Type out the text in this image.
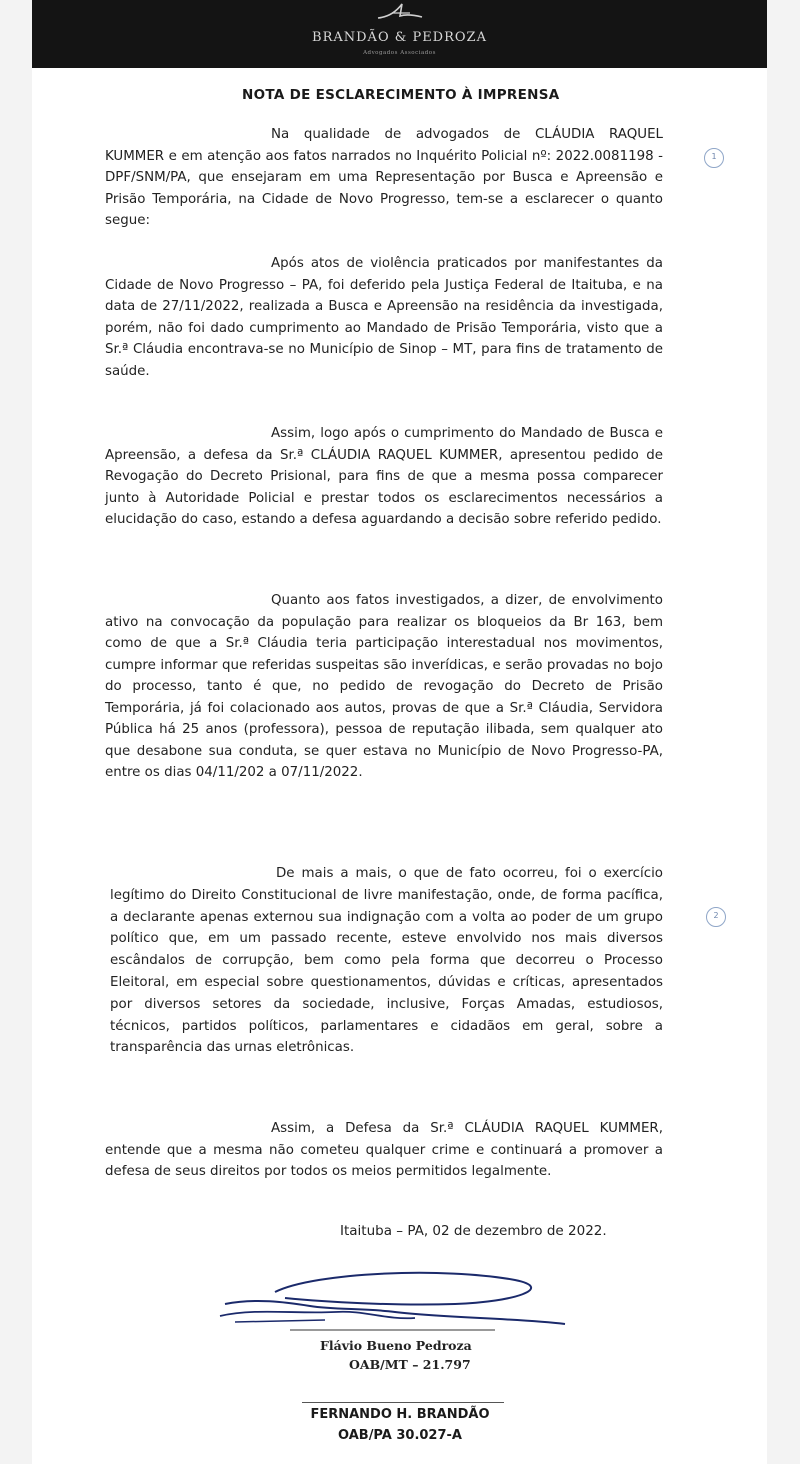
BRANDÃO & PEDROZA
Advogados Associados
NOTA DE ESCLARECIMENTO À IMPRENSA
Na qualidade de advogados de CLÁUDIA RAQUEL KUMMER e em atenção aos fatos narrados no Inquérito Policial nº: 2022.0081198 - DPF/SNM/PA, que ensejaram em uma Representação por Busca e Apreensão e Prisão Temporária, na Cidade de Novo Progresso, tem-se a esclarecer o quanto segue:
Após atos de violência praticados por manifestantes da Cidade de Novo Progresso – PA, foi deferido pela Justiça Federal de Itaituba, e na data de 27/11/2022, realizada a Busca e Apreensão na residência da investigada, porém, não foi dado cumprimento ao Mandado de Prisão Temporária, visto que a Sr.ª Cláudia encontrava-se no Município de Sinop – MT, para fins de tratamento de saúde.
Assim, logo após o cumprimento do Mandado de Busca e Apreensão, a defesa da Sr.ª CLÁUDIA RAQUEL KUMMER, apresentou pedido de Revogação do Decreto Prisional, para fins de que a mesma possa comparecer junto à Autoridade Policial e prestar todos os esclarecimentos necessários a elucidação do caso, estando a defesa aguardando a decisão sobre referido pedido.
Quanto aos fatos investigados, a dizer, de envolvimento ativo na convocação da população para realizar os bloqueios da Br 163, bem como de que a Sr.ª Cláudia teria participação interestadual nos movimentos, cumpre informar que referidas suspeitas são inverídicas, e serão provadas no bojo do processo, tanto é que, no pedido de revogação do Decreto de Prisão Temporária, já foi colacionado aos autos, provas de que a Sr.ª Cláudia, Servidora Pública há 25 anos (professora), pessoa de reputação ilibada, sem qualquer ato que desabone sua conduta, se quer estava no Município de Novo Progresso-PA, entre os dias 04/11/202 a 07/11/2022.
De mais a mais, o que de fato ocorreu, foi o exercício legítimo do Direito Constitucional de livre manifestação, onde, de forma pacífica, a declarante apenas externou sua indignação com a volta ao poder de um grupo político que, em um passado recente, esteve envolvido nos mais diversos escândalos de corrupção, bem como pela forma que decorreu o Processo Eleitoral, em especial sobre questionamentos, dúvidas e críticas, apresentados por diversos setores da sociedade, inclusive, Forças Amadas, estudiosos, técnicos, partidos políticos, parlamentares e cidadãos em geral, sobre a transparência das urnas eletrônicas.
Assim, a Defesa da Sr.ª CLÁUDIA RAQUEL KUMMER, entende que a mesma não cometeu qualquer crime e continuará a promover a defesa de seus direitos por todos os meios permitidos legalmente.
1
2
Itaituba – PA, 02 de dezembro de 2022.
Flávio Bueno Pedroza
OAB/MT – 21.797
FERNANDO H. BRANDÃO
OAB/PA 30.027-A
